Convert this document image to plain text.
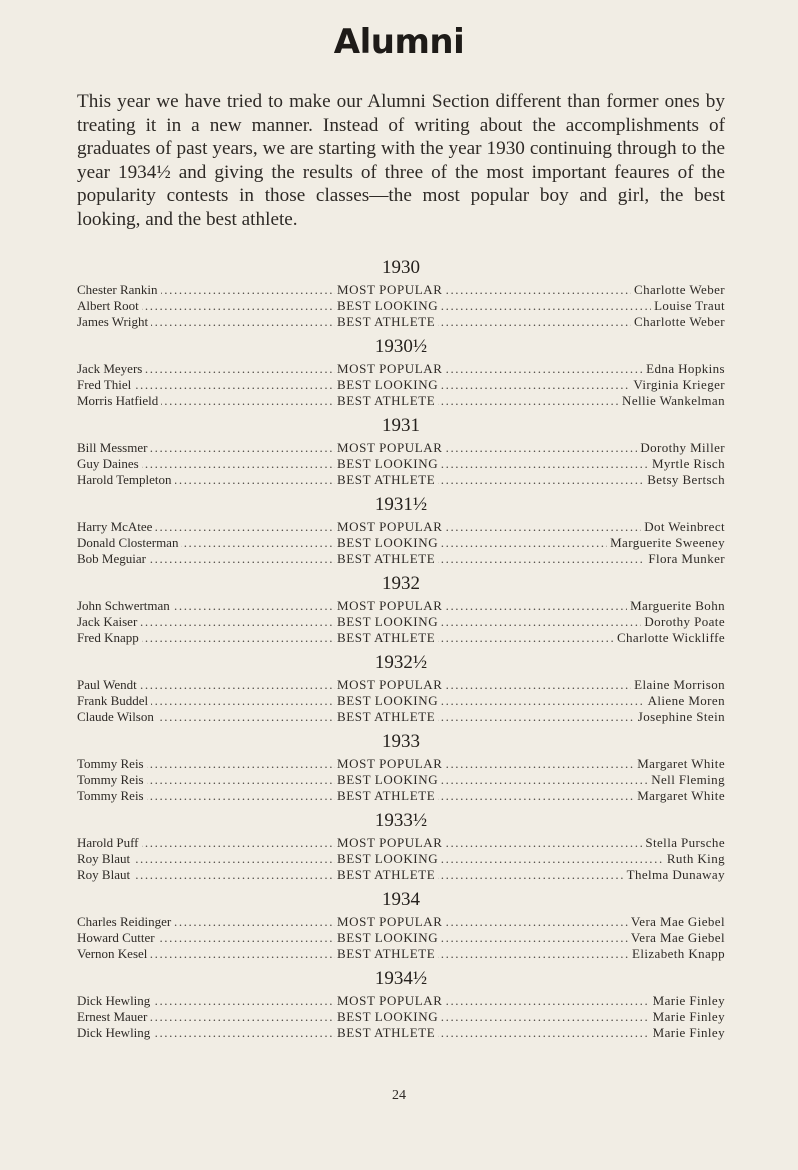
Alumni
This year we have tried to make our Alumni Section different than former ones by treating it in a new manner. Instead of writing about the accomplishments of graduates of past years, we are starting with the year 1930 continuing through to the year 1934½ and giving the results of three of the most important feaures of the popularity contests in those classes—the most popular boy and girl, the best looking, and the best athlete.
1930
Chester Rankin	MOST POPULAR	Charlotte Weber
Albert Root	BEST LOOKING	Louise Traut
James Wright	BEST ATHLETE	Charlotte Weber
1930½
Jack Meyers	MOST POPULAR	Edna Hopkins
Fred Thiel	BEST LOOKING	Virginia Krieger
Morris Hatfield	BEST ATHLETE	Nellie Wankelman
1931
Bill Messmer	MOST POPULAR	Dorothy Miller
Guy Daines	BEST LOOKING	Myrtle Risch
Harold Templeton	BEST ATHLETE	Betsy Bertsch
1931½
Harry McAtee	MOST POPULAR	Dot Weinbrect
Donald Closterman	BEST LOOKING	Marguerite Sweeney
Bob Meguiar	BEST ATHLETE	Flora Munker
1932
John Schwertman	MOST POPULAR	Marguerite Bohn
Jack Kaiser	BEST LOOKING	Dorothy Poate
Fred Knapp	BEST ATHLETE	Charlotte Wickliffe
1932½
Paul Wendt	MOST POPULAR	Elaine Morrison
Frank Buddel	BEST LOOKING	Aliene Moren
Claude Wilson	BEST ATHLETE	Josephine Stein
1933
Tommy Reis	MOST POPULAR	Margaret White
Tommy Reis	BEST LOOKING	Nell Fleming
Tommy Reis	BEST ATHLETE	Margaret White
1933½
Harold Puff	MOST POPULAR	Stella Pursche
Roy Blaut	BEST LOOKING	Ruth King
Roy Blaut	BEST ATHLETE	Thelma Dunaway
1934
Charles Reidinger	MOST POPULAR	Vera Mae Giebel
Howard Cutter	BEST LOOKING	Vera Mae Giebel
Vernon Kesel	BEST ATHLETE	Elizabeth Knapp
1934½
Dick Hewling	MOST POPULAR	Marie Finley
Ernest Mauer	BEST LOOKING	Marie Finley
Dick Hewling	BEST ATHLETE	Marie Finley
24
